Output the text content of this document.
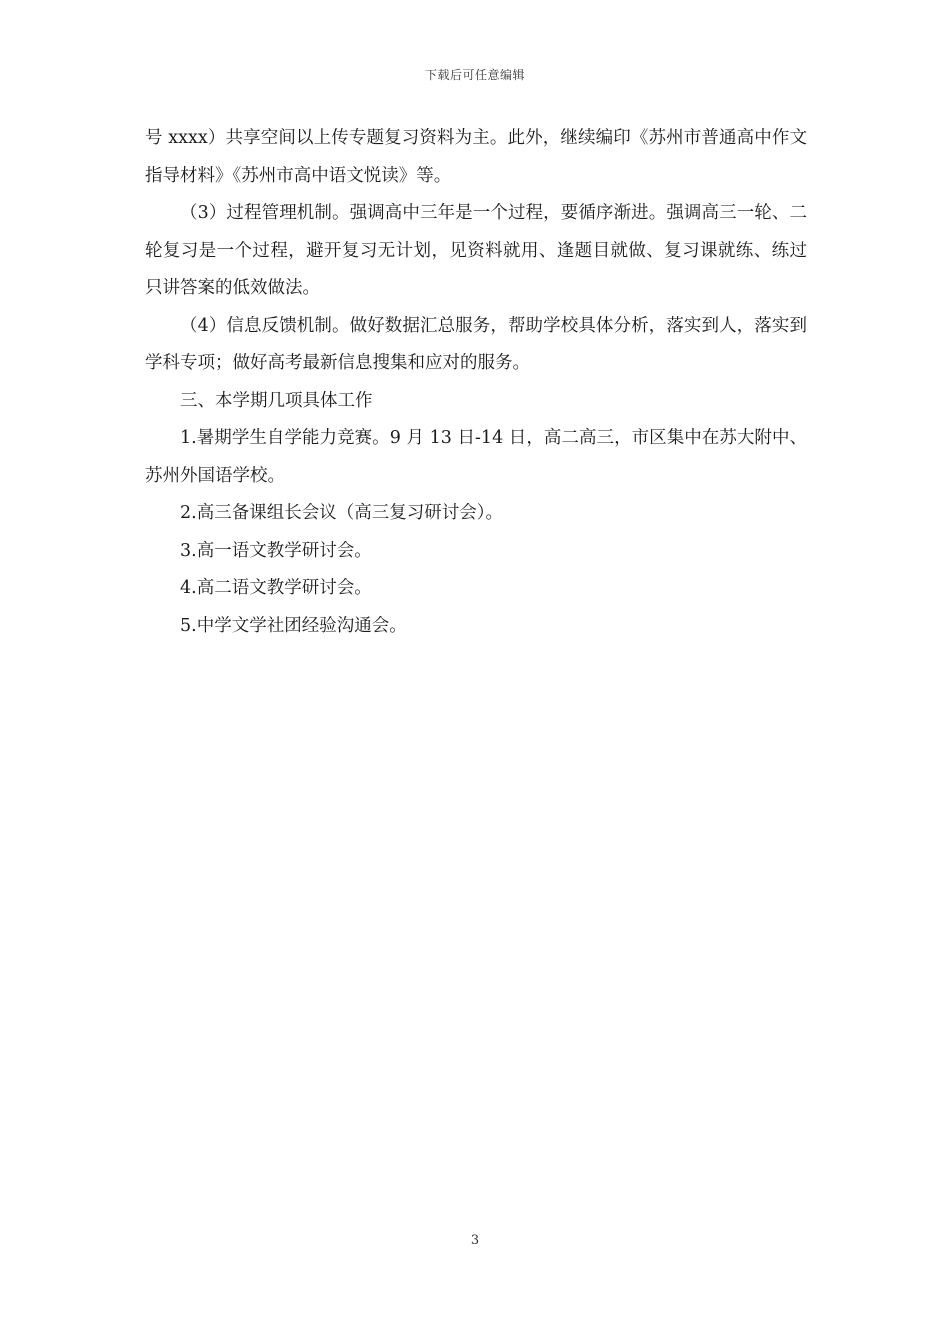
下载后可任意编辑

号 xxxx）共享空间以上传专题复习资料为主。此外，继续编印《苏州市普通高中作文指导材料》《苏州市高中语文悦读》等。

（3）过程管理机制。强调高中三年是一个过程，要循序渐进。强调高三一轮、二轮复习是一个过程，避开复习无计划，见资料就用、逢题目就做、复习课就练、练过只讲答案的低效做法。

（4）信息反馈机制。做好数据汇总服务，帮助学校具体分析，落实到人，落实到学科专项；做好高考最新信息搜集和应对的服务。

三、本学期几项具体工作

1.暑期学生自学能力竞赛。9 月 13 日-14 日，高二高三，市区集中在苏大附中、苏州外国语学校。

2.高三备课组长会议（高三复习研讨会）。

3.高一语文教学研讨会。

4.高二语文教学研讨会。

5.中学文学社团经验沟通会。

3
